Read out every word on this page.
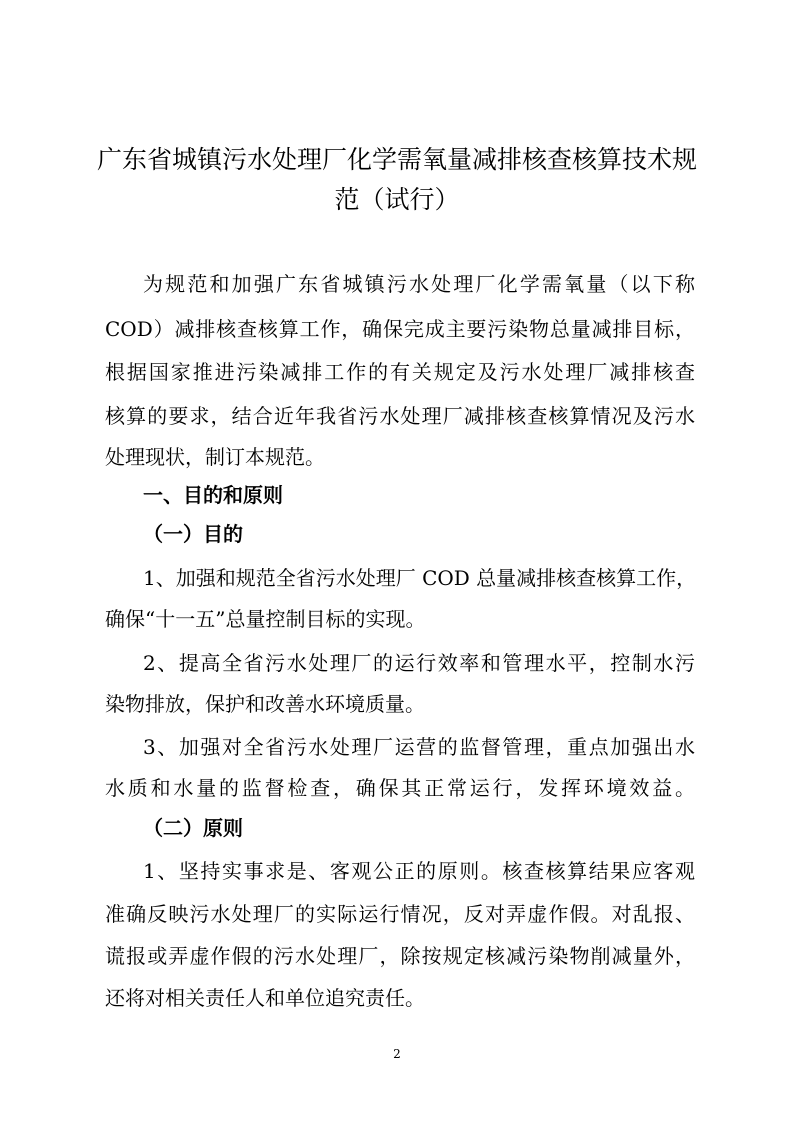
广东省城镇污水处理厂化学需氧量减排核查核算技术规
范（试行）
为规范和加强广东省城镇污水处理厂化学需氧量（以下称
COD）减排核查核算工作，确保完成主要污染物总量减排目标，
根据国家推进污染减排工作的有关规定及污水处理厂减排核查
核算的要求，结合近年我省污水处理厂减排核查核算情况及污水
处理现状，制订本规范。
一、目的和原则
（一）目的
1、加强和规范全省污水处理厂 COD 总量减排核查核算工作，
确保“十一五”总量控制目标的实现。
2、提高全省污水处理厂的运行效率和管理水平，控制水污
染物排放，保护和改善水环境质量。
3、加强对全省污水处理厂运营的监督管理，重点加强出水
水质和水量的监督检查，确保其正常运行，发挥环境效益。
（二）原则
1、坚持实事求是、客观公正的原则。核查核算结果应客观
准确反映污水处理厂的实际运行情况，反对弄虚作假。对乱报、
谎报或弄虚作假的污水处理厂，除按规定核减污染物削减量外，
还将对相关责任人和单位追究责任。
2
